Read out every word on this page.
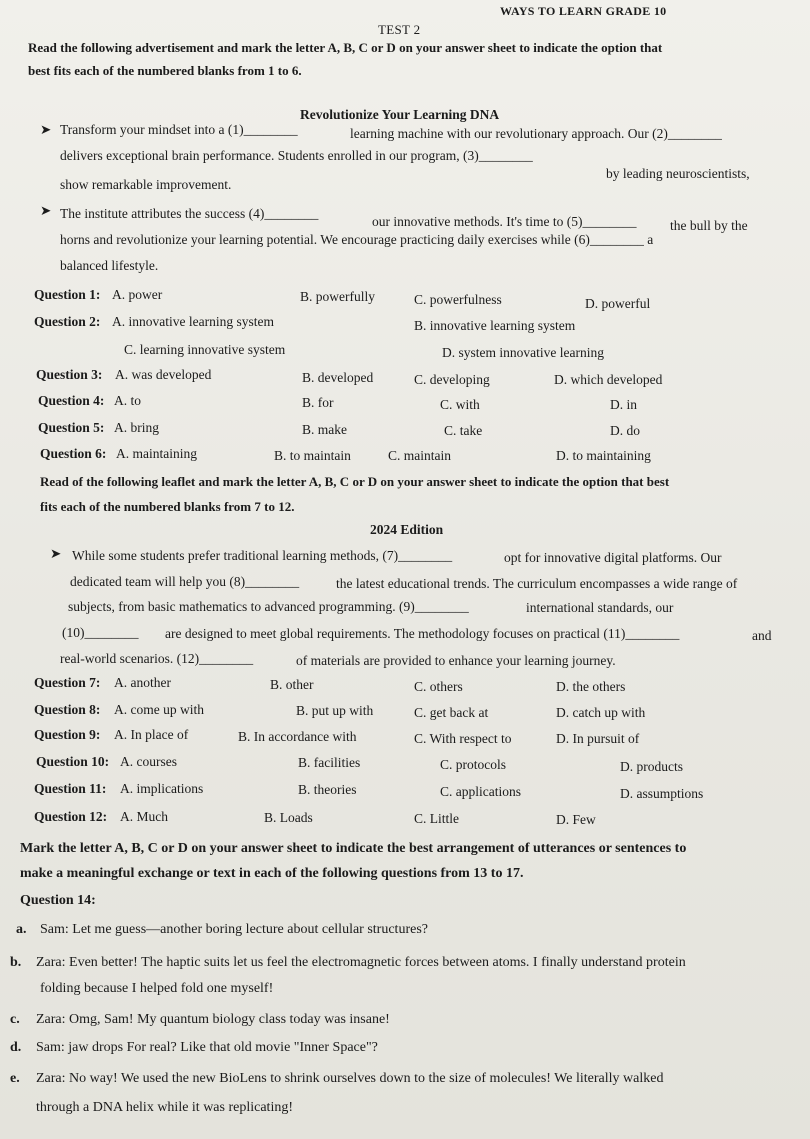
WAYS TO LEARN GRADE 10
TEST 2
Read the following advertisement and mark the letter A, B, C or D on your answer sheet to indicate the option that
best fits each of the numbered blanks from 1 to 6.
Revolutionize Your Learning DNA
➤ Transform your mindset into a (1)________	learning machine with our revolutionary approach. Our (2)________
delivers exceptional brain performance. Students enrolled in our program, (3)________
by leading neuroscientists,
show remarkable improvement.
➤ The institute attributes the success (4)________
our innovative methods. It's time to (5)________ the bull by the
horns and revolutionize your learning potential. We encourage practicing daily exercises while (6)________ a
balanced lifestyle.
Question 1: A. power	B. powerfully	C. powerfulness	D. powerful
Question 2: A. innovative learning system	B. innovative learning system
C. learning innovative system	D. system innovative learning
Question 3: A. was developed	B. developed	C. developing	D. which developed
Question 4: A. to	B. for	C. with	D. in
Question 5: A. bring	B. make	C. take	D. do
Question 6: A. maintaining	B. to maintain	C. maintain	D. to maintaining
Read of the following leaflet and mark the letter A, B, C or D on your answer sheet to indicate the option that best
fits each of the numbered blanks from 7 to 12.
2024 Edition
➤ While some students prefer traditional learning methods, (7)________	opt for innovative digital platforms. Our
dedicated team will help you (8)________	the latest educational trends. The curriculum encompasses a wide range of
subjects, from basic mathematics to advanced programming. (9)________	international standards, our
(10)________ are designed to meet global requirements. The methodology focuses on practical (11)________	and
real-world scenarios. (12)________	of materials are provided to enhance your learning journey.
Question 7: A. another	B. other	C. others	D. the others
Question 8: A. come up with	B. put up with	C. get back at	D. catch up with
Question 9: A. In place of	B. In accordance with	C. With respect to	D. In pursuit of
Question 10: A. courses	B. facilities	C. protocols	D. products
Question 11: A. implications	B. theories	C. applications	D. assumptions
Question 12: A. Much	B. Loads	C. Little	D. Few
Mark the letter A, B, C or D on your answer sheet to indicate the best arrangement of utterances or sentences to
make a meaningful exchange or text in each of the following questions from 13 to 17.
Question 14:
a. Sam: Let me guess—another boring lecture about cellular structures?
b. Zara: Even better! The haptic suits let us feel the electromagnetic forces between atoms. I finally understand protein
folding because I helped fold one myself!
c. Zara: Omg, Sam! My quantum biology class today was insane!
d. Sam: jaw drops For real? Like that old movie "Inner Space"?
e. Zara: No way! We used the new BioLens to shrink ourselves down to the size of molecules! We literally walked
through a DNA helix while it was replicating!
